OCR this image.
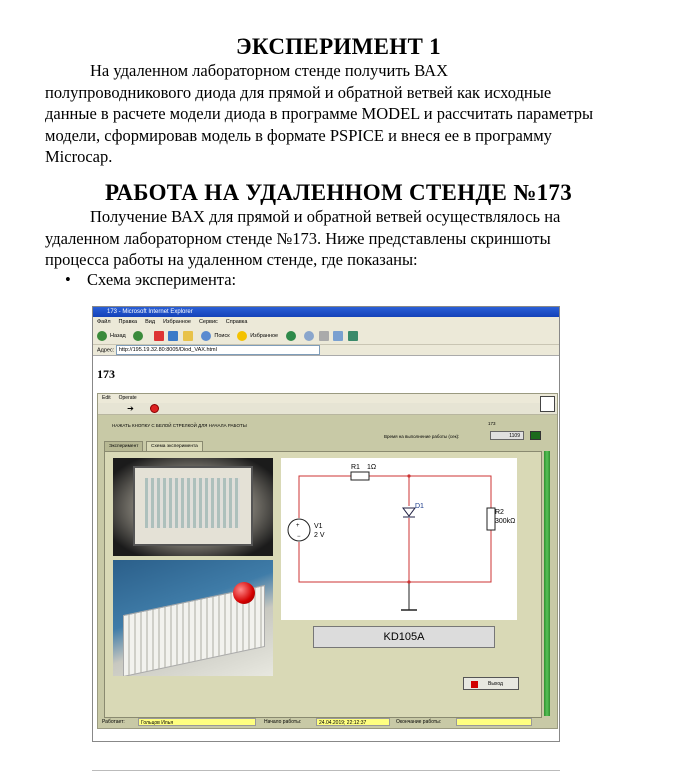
ЭКСПЕРИМЕНТ 1
На удаленном лабораторном стенде получить ВАХ
полупроводникового диода для прямой и обратной ветвей как исходные
данные в расчете модели диода в программе MODEL и рассчитать параметры
модели, сформировав модель в формате PSPICE и внеся ее в программу
Microcap.
РАБОТА НА УДАЛЕННОМ СТЕНДЕ №173
Получение ВАХ для прямой и обратной ветвей осуществлялось на
удаленном лабораторном стенде №173. Ниже представлены скриншоты
процесса работы на удаленном стенде, где показаны:
• Схема эксперимента:
173 - Microsoft Internet Explorer
Файл Правка Вид Избранное Сервис Справка
Назад	Поиск	Избранное
Адрес: http://195.19.32.80:8005/Diod_VAX.html
173
Edit Operate
➔
НАЖАТЬ КНОПКУ С БЕЛОЙ СТРЕЛКОЙ ДЛЯ НАЧАЛА РАБОТЫ	173
Время на выполнение работы (сек):	1109
Эксперимент	Схема эксперимента
+
−
R1 1Ω
D1
R2
300kΩ
V1
2 V
KD105A
Выход
Работает:	Гольцов Илья	Начало работы:	24.04.2019; 22:12:37	Окончание работы:
